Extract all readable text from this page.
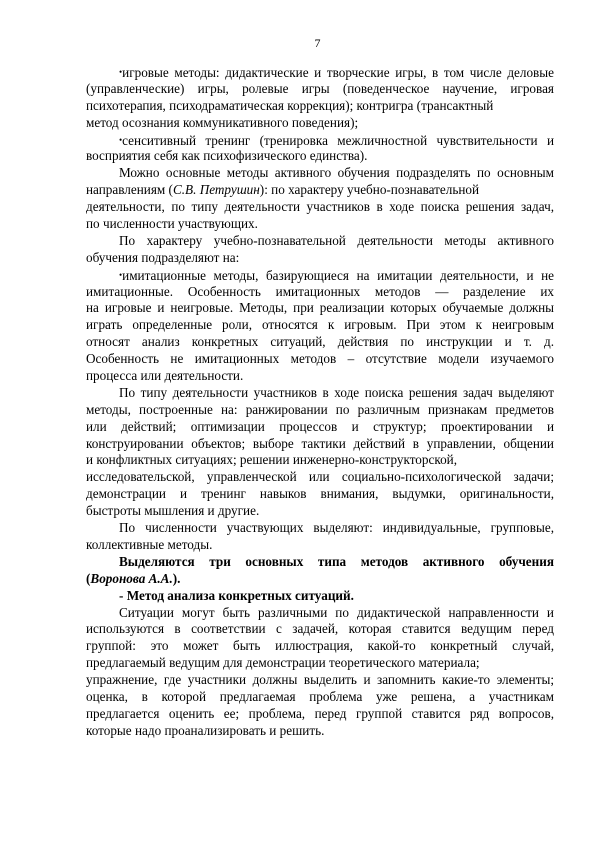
7
•игровые методы: дидактические и творческие игры, в том числе деловые
(управленческие) игры, ролевые игры (поведенческое научение, игровая
психотерапия, психодраматическая коррекция); контригра (трансактный
метод осознания коммуникативного поведения);
•сенситивный тренинг (тренировка межличностной чувствительности и
восприятия себя как психофизического единства).
Можно основные методы активного обучения подразделять по основным
направлениям (С.В. Петрушин): по характеру учебно-познавательной
деятельности, по типу деятельности участников в ходе поиска решения задач,
по численности участвующих.
По характеру учебно-познавательной деятельности методы активного
обучения подразделяют на:
•имитационные методы, базирующиеся на имитации деятельности, и не
имитационные. Особенность имитационных методов — разделение их
на игровые и неигровые. Методы, при реализации которых обучаемые должны
играть определенные роли, относятся к игровым. При этом к неигровым
относят анализ конкретных ситуаций, действия по инструкции и т. д.
Особенность не имитационных методов – отсутствие модели изучаемого
процесса или деятельности.
По типу деятельности участников в ходе поиска решения задач выделяют
методы, построенные на: ранжировании по различным признакам предметов
или действий; оптимизации процессов и структур; проектировании и
конструировании объектов; выборе тактики действий в управлении, общении
и конфликтных ситуациях; решении инженерно-конструкторской,
исследовательской, управленческой или социально-психологической задачи;
демонстрации и тренинг навыков внимания, выдумки, оригинальности,
быстроты мышления и другие.
По численности участвующих выделяют: индивидуальные, групповые,
коллективные методы.
Выделяются три основных типа методов активного обучения
(Воронова А.А.).
- Метод анализа конкретных ситуаций.
Ситуации могут быть различными по дидактической направленности и
используются в соответствии с задачей, которая ставится ведущим перед
группой: это может быть иллюстрация, какой-то конкретный случай,
предлагаемый ведущим для демонстрации теоретического материала;
упражнение, где участники должны выделить и запомнить какие-то элементы;
оценка, в которой предлагаемая проблема уже решена, а участникам
предлагается оценить ее; проблема, перед группой ставится ряд вопросов,
которые надо проанализировать и решить.
